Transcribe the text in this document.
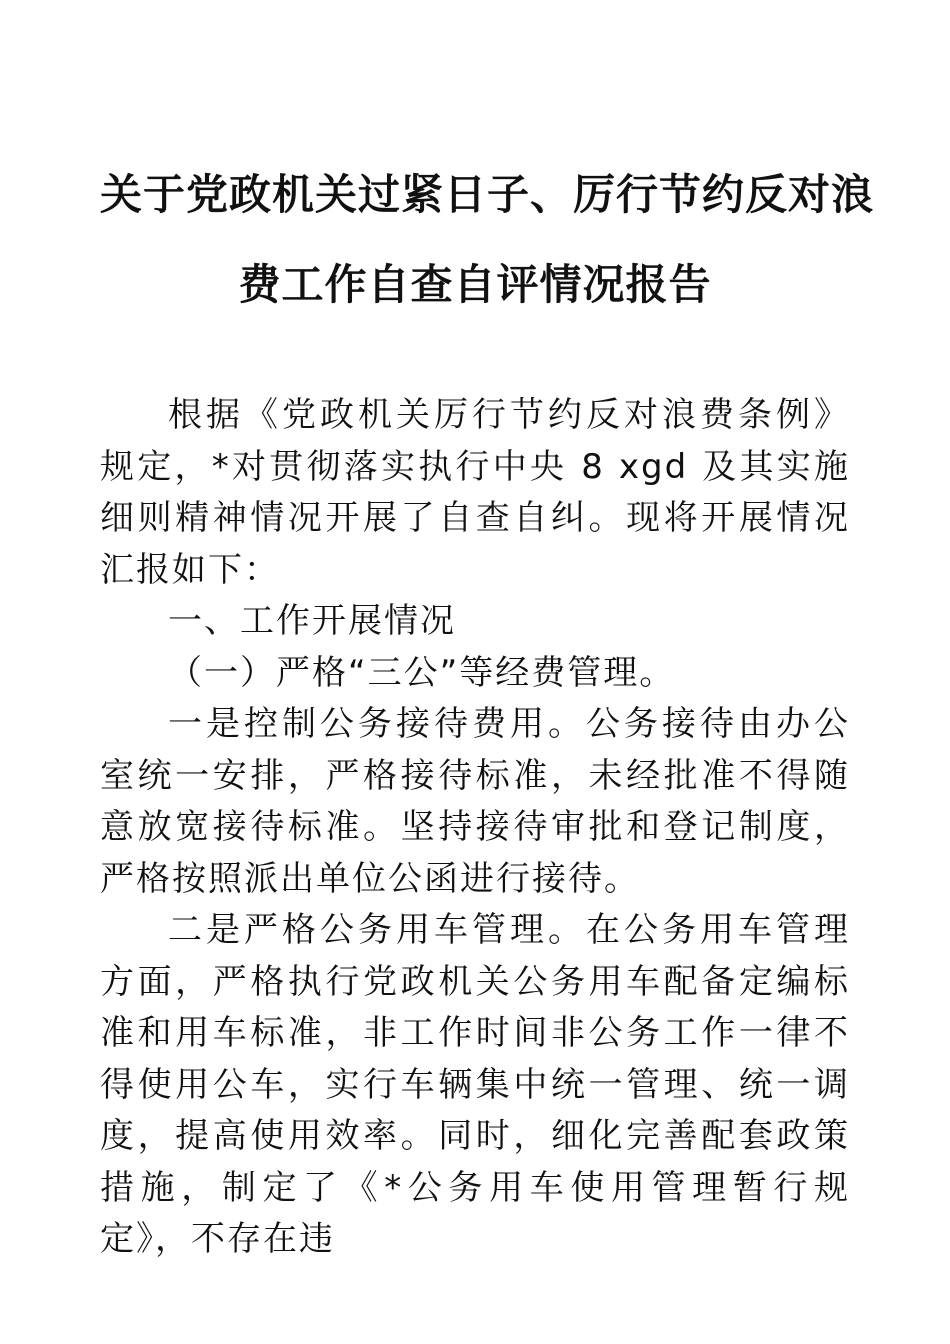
关于党政机关过紧日子、厉行节约反对浪
费工作自查自评情况报告

根据《党政机关厉行节约反对浪费条例》规定，*对贯彻落实执行中央 8 xgd 及其实施细则精神情况开展了自查自纠。现将开展情况汇报如下：

一、工作开展情况

（一）严格“三公”等经费管理。

一是控制公务接待费用。公务接待由办公室统一安排，严格接待标准，未经批准不得随意放宽接待标准。坚持接待审批和登记制度，严格按照派出单位公函进行接待。

二是严格公务用车管理。在公务用车管理方面，严格执行党政机关公务用车配备定编标准和用车标准，非工作时间非公务工作一律不得使用公车，实行车辆集中统一管理、统一调度，提高使用效率。同时，细化完善配套政策措施，制定了《*公务用车使用管理暂行规定》，不存在违
